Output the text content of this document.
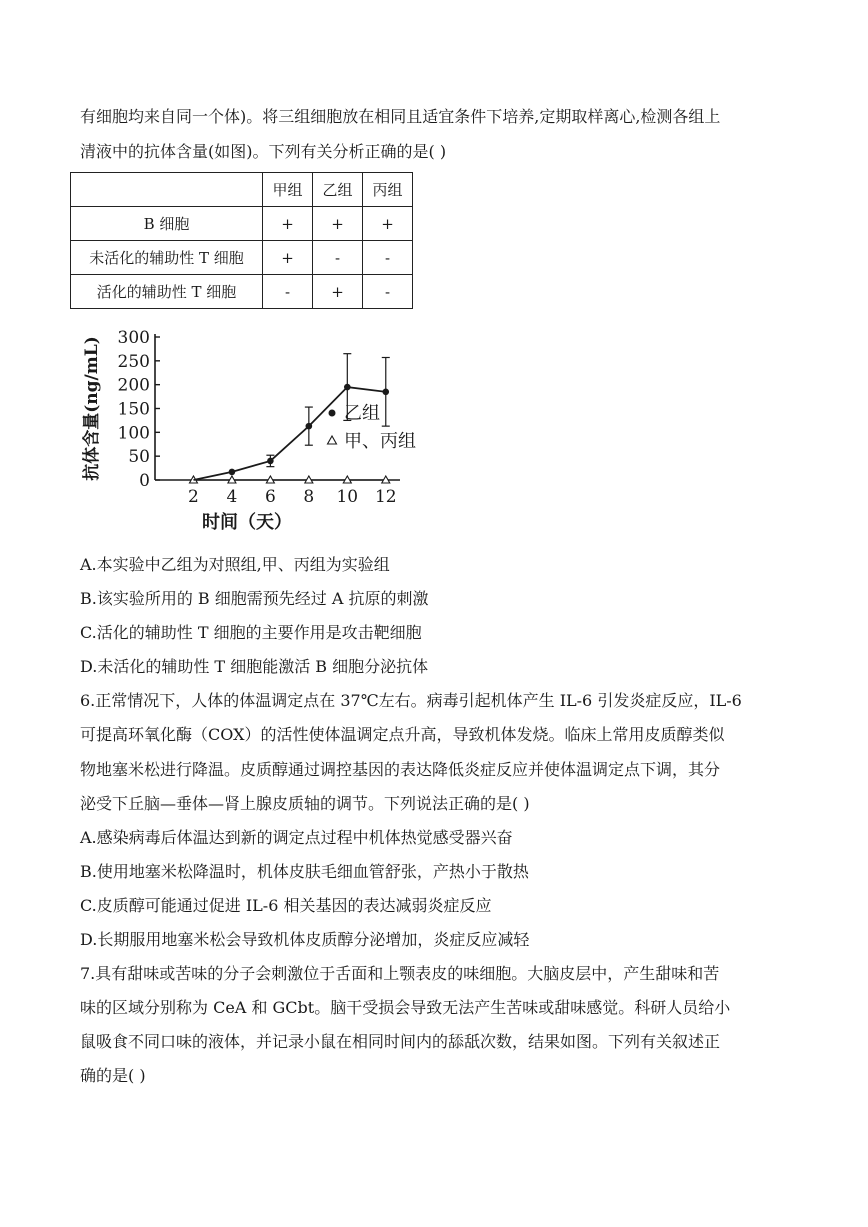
有细胞均来自同一个体)。将三组细胞放在相同且适宜条件下培养,定期取样离心,检测各组上
清液中的抗体含量(如图)。下列有关分析正确的是( )
	甲组	乙组	丙组
B 细胞	+	+	+
未活化的辅助性 T 细胞	+	-	-
活化的辅助性 T 细胞	-	+	-
0
50
100
150
200
250
300
2 4 6 8 10 12
抗体含量(ng/mL)
时间（天）
乙组
甲、丙组
A.本实验中乙组为对照组,甲、丙组为实验组
B.该实验所用的 B 细胞需预先经过 A 抗原的刺激
C.活化的辅助性 T 细胞的主要作用是攻击靶细胞
D.未活化的辅助性 T 细胞能激活 B 细胞分泌抗体
6.正常情况下，人体的体温调定点在 37℃左右。病毒引起机体产生 IL-6 引发炎症反应，IL-6
可提高环氧化酶（COX）的活性使体温调定点升高，导致机体发烧。临床上常用皮质醇类似
物地塞米松进行降温。皮质醇通过调控基因的表达降低炎症反应并使体温调定点下调，其分
泌受下丘脑—垂体—肾上腺皮质轴的调节。下列说法正确的是( )
A.感染病毒后体温达到新的调定点过程中机体热觉感受器兴奋
B.使用地塞米松降温时，机体皮肤毛细血管舒张，产热小于散热
C.皮质醇可能通过促进 IL-6 相关基因的表达减弱炎症反应
D.长期服用地塞米松会导致机体皮质醇分泌增加，炎症反应减轻
7.具有甜味或苦味的分子会刺激位于舌面和上颚表皮的味细胞。大脑皮层中，产生甜味和苦
味的区域分别称为 CeA 和 GCbt。脑干受损会导致无法产生苦味或甜味感觉。科研人员给小
鼠吸食不同口味的液体，并记录小鼠在相同时间内的舔舐次数，结果如图。下列有关叙述正
确的是( )
